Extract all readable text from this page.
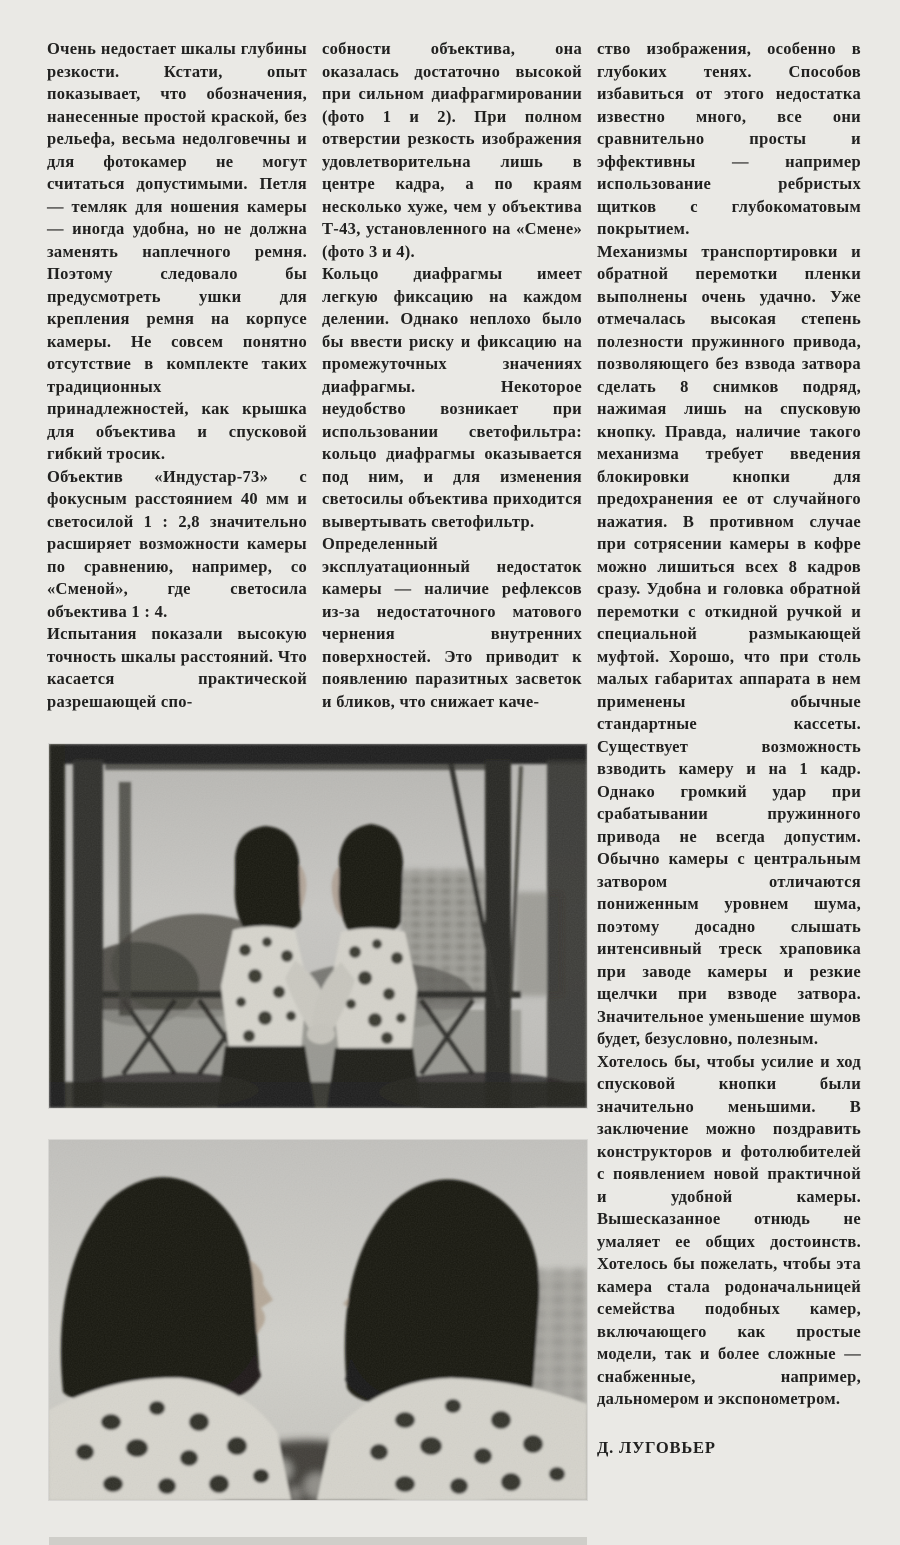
Очень недостает шкалы глубины резкости. Кстати, опыт показывает, что обозначения, нанесенные простой краской, без рельефа, весьма недолговечны и для фотокамер не могут считаться допустимыми. Петля — темляк для ношения камеры — иногда удобна, но не должна заменять наплечного ремня. Поэтому следовало бы предусмотреть ушки для крепления ремня на корпусе камеры. Не совсем понятно отсутствие в комплекте таких традиционных принадлежностей, как крышка для объектива и спусковой гибкий тросик.

Объектив «Индустар-73» с фокусным расстоянием 40 мм и светосилой 1 : 2,8 значительно расширяет возможности камеры по сравнению, например, со «Сменой», где светосила объектива 1 : 4.

Испытания показали высокую точность шкалы расстояний. Что касается практической разрешающей спо-

собности объектива, она оказалась достаточно высокой при сильном диафрагмировании (фото 1 и 2). При полном отверстии резкость изображения удовлетворительна лишь в центре кадра, а по краям несколько хуже, чем у объектива Т-43, установленного на «Смене» (фото 3 и 4).

Кольцо диафрагмы имеет легкую фиксацию на каждом делении. Однако неплохо было бы ввести риску и фиксацию на промежуточных значениях диафрагмы. Некоторое неудобство возникает при использовании светофильтра: кольцо диафрагмы оказывается под ним, и для изменения светосилы объектива приходится вывертывать светофильтр.

Определенный эксплуатационный недостаток камеры — наличие рефлексов из-за недостаточного матового чернения внутренних поверхностей. Это приводит к появлению паразитных засветок и бликов, что снижает каче-

ство изображения, особенно в глубоких тенях. Способов избавиться от этого недостатка известно много, все они сравнительно просты и эффективны — например использование ребристых щитков с глубокоматовым покрытием.

Механизмы транспортировки и обратной перемотки пленки выполнены очень удачно. Уже отмечалась высокая степень полезности пружинного привода, позволяющего без взвода затвора сделать 8 снимков подряд, нажимая лишь на спусковую кнопку. Правда, наличие такого механизма требует введения блокировки кнопки для предохранения ее от случайного нажатия. В противном случае при сотрясении камеры в кофре можно лишиться всех 8 кадров сразу. Удобна и головка обратной перемотки с откидной ручкой и специальной размыкающей муфтой. Хорошо, что при столь малых габаритах аппарата в нем применены обычные стандартные кассеты. Существует возможность взводить камеру и на 1 кадр. Однако громкий удар при срабатывании пружинного привода не всегда допустим. Обычно камеры с центральным затвором отличаются пониженным уровнем шума, поэтому досадно слышать интенсивный треск храповика при заводе камеры и резкие щелчки при взводе затвора. Значительное уменьшение шумов будет, безусловно, полезным.

Хотелось бы, чтобы усилие и ход спусковой кнопки были значительно меньшими. В заключение можно поздравить конструкторов и фотолюбителей с появлением новой практичной и удобной камеры. Вышесказанное отнюдь не умаляет ее общих достоинств. Хотелось бы пожелать, чтобы эта камера стала родоначальницей семейства подобных камер, включающего как простые модели, так и более сложные — снабженные, например, дальномером и экспонометром.

Д. ЛУГОВЬЕР
